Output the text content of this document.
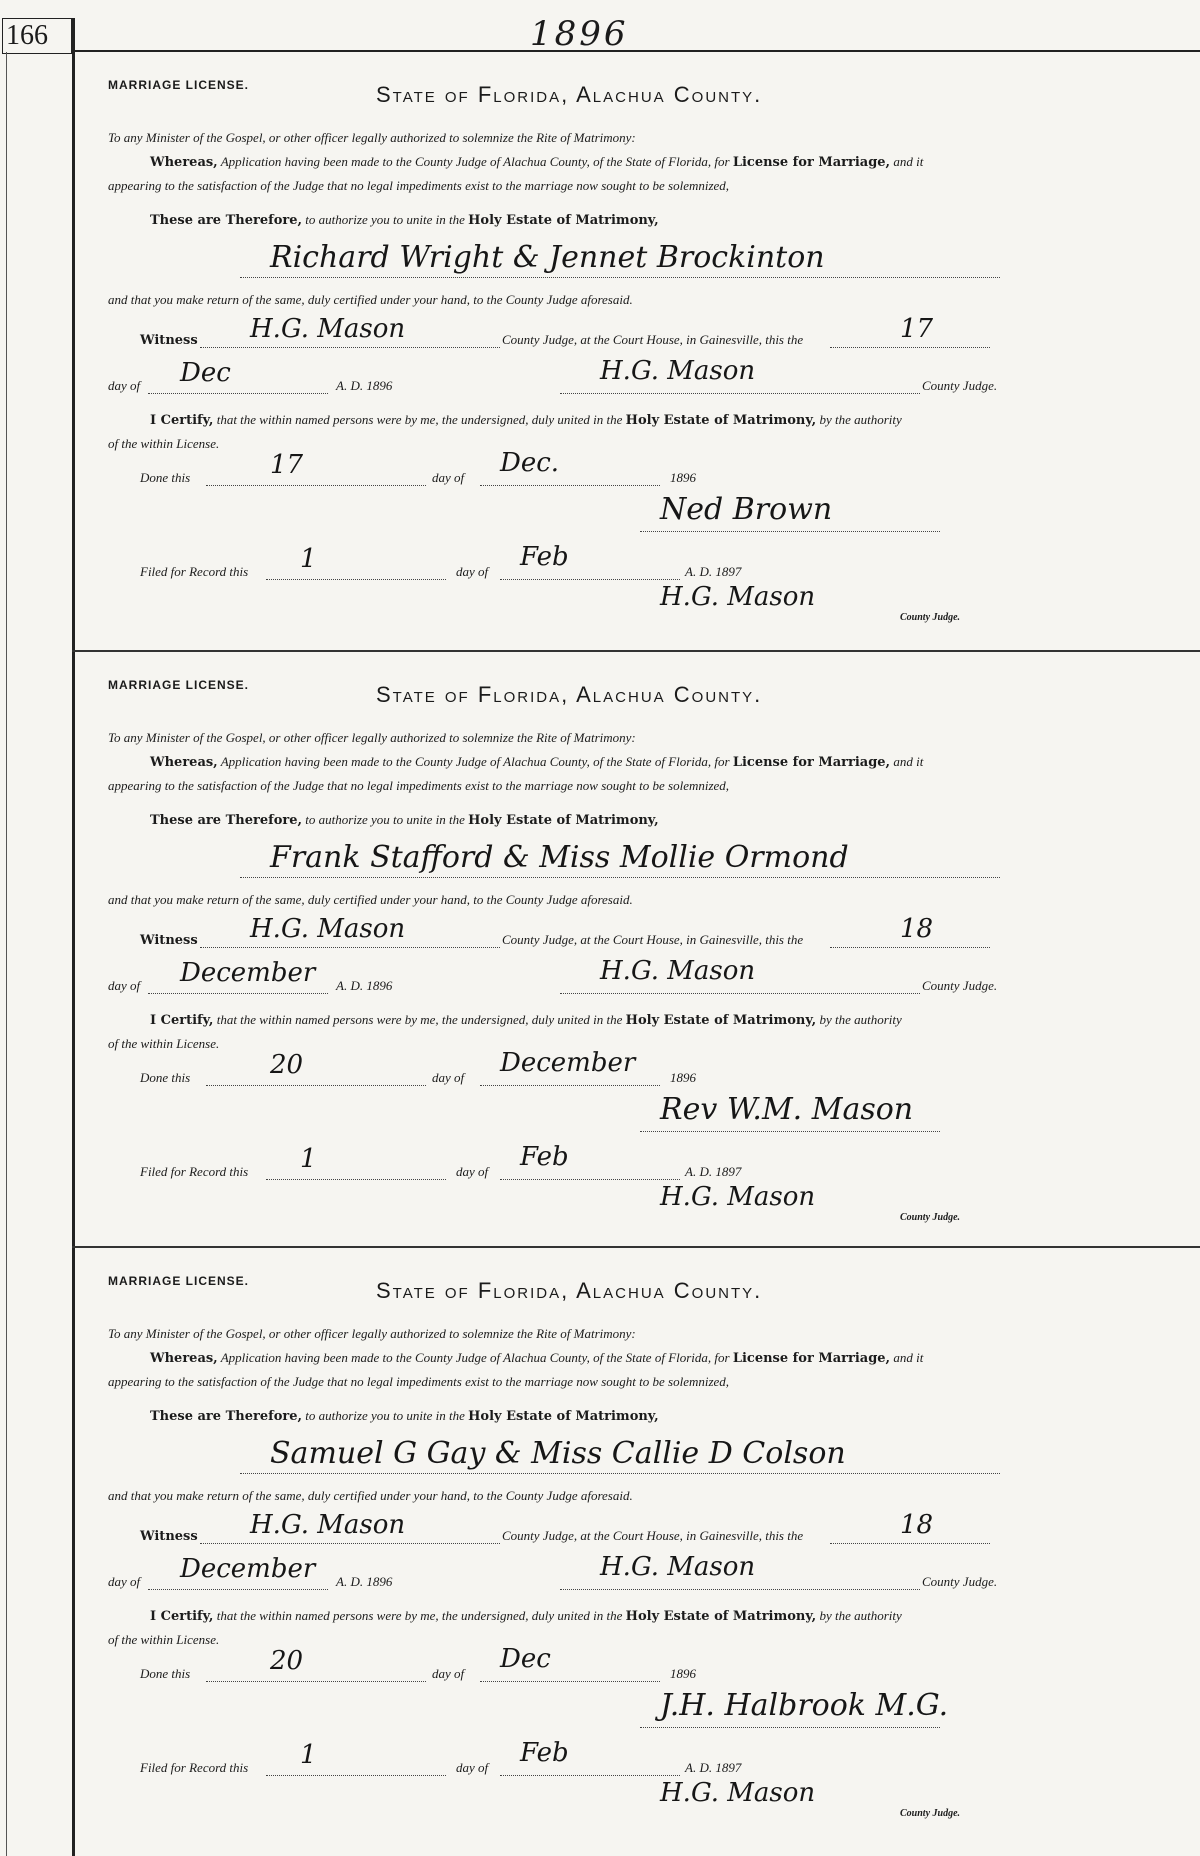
166	1896
MARRIAGE LICENSE.	State of Florida, Alachua County.
To any Minister of the Gospel, or other officer legally authorized to solemnize the Rite of Matrimony:
Whereas, Application having been made to the County Judge of Alachua County, of the State of Florida, for License for Marriage, and it
appearing to the satisfaction of the Judge that no legal impediments exist to the marriage now sought to be solemnized,
These are Therefore, to authorize you to unite in the Holy Estate of Matrimony,
Richard Wright & Jennet Brockinton
and that you make return of the same, duly certified under your hand, to the County Judge aforesaid.
Witness H.G. Mason	County Judge, at the Court House, in Gainesville, this the	17
day of Dec	A. D. 1896	H.G. Mason	County Judge.
I Certify, that the within named persons were by me, the undersigned, duly united in the Holy Estate of Matrimony, by the authority
of the within License.
Done this	17	day of Dec.	1896
Ned Brown
Filed for Record this 1	day of Feb	A. D. 1897
H.G. Mason
County Judge.
MARRIAGE LICENSE.	State of Florida, Alachua County.
To any Minister of the Gospel, or other officer legally authorized to solemnize the Rite of Matrimony:
Whereas, Application having been made to the County Judge of Alachua County, of the State of Florida, for License for Marriage, and it
appearing to the satisfaction of the Judge that no legal impediments exist to the marriage now sought to be solemnized,
These are Therefore, to authorize you to unite in the Holy Estate of Matrimony,
Frank Stafford & Miss Mollie Ormond
and that you make return of the same, duly certified under your hand, to the County Judge aforesaid.
Witness H.G. Mason	County Judge, at the Court House, in Gainesville, this the	18
day of December A. D. 1896	H.G. Mason	County Judge.
I Certify, that the within named persons were by me, the undersigned, duly united in the Holy Estate of Matrimony, by the authority
of the within License.
Done this	20	day of December	1896
Rev W.M. Mason
Filed for Record this 1	day of Feb	A. D. 1897
H.G. Mason
County Judge.
MARRIAGE LICENSE.	State of Florida, Alachua County.
To any Minister of the Gospel, or other officer legally authorized to solemnize the Rite of Matrimony:
Whereas, Application having been made to the County Judge of Alachua County, of the State of Florida, for License for Marriage, and it
appearing to the satisfaction of the Judge that no legal impediments exist to the marriage now sought to be solemnized,
These are Therefore, to authorize you to unite in the Holy Estate of Matrimony,
Samuel G Gay & Miss Callie D Colson
and that you make return of the same, duly certified under your hand, to the County Judge aforesaid.
Witness H.G. Mason	County Judge, at the Court House, in Gainesville, this the	18
day of December A. D. 1896	H.G. Mason	County Judge.
I Certify, that the within named persons were by me, the undersigned, duly united in the Holy Estate of Matrimony, by the authority
of the within License.
Done this	20	day of Dec	1896
J.H. Halbrook M.G.
Filed for Record this 1	day of Feb	A. D. 1897
H.G. Mason
County Judge.
